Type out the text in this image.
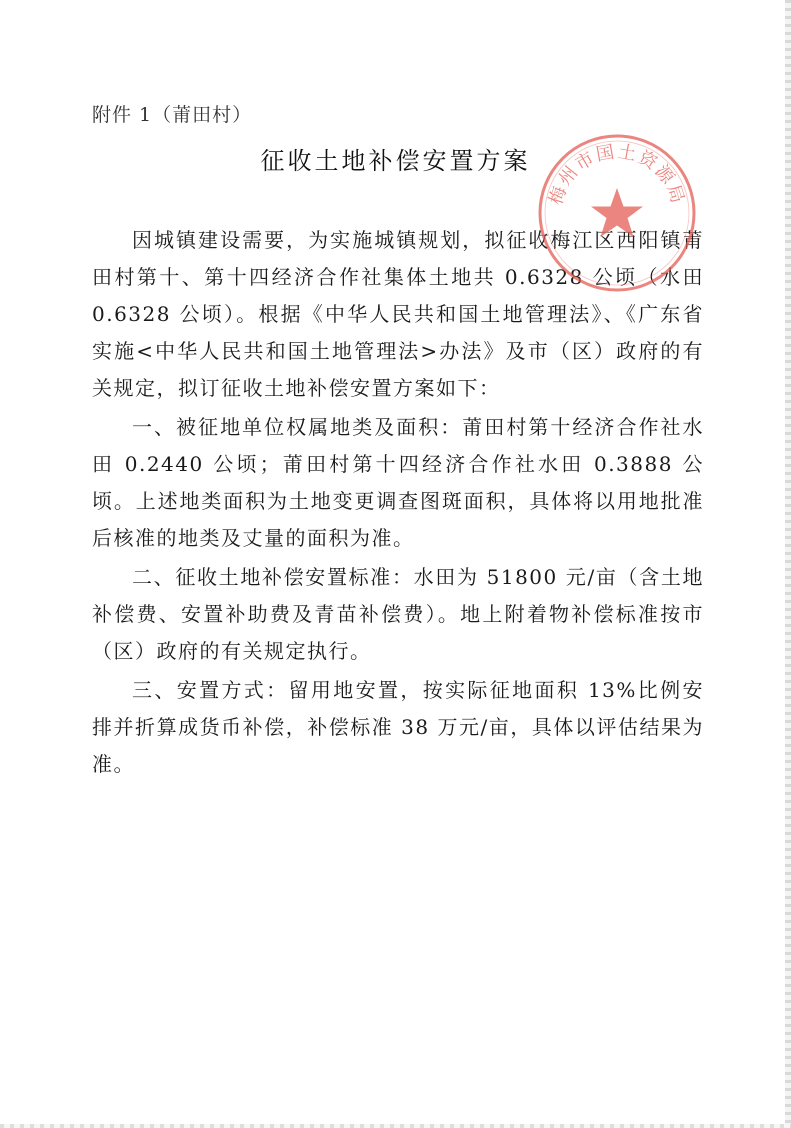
附件 1（莆田村）
征收土地补偿安置方案

因城镇建设需要，为实施城镇规划，拟征收梅江区西阳镇莆田村第十、第十四经济合作社集体土地共 0.6328 公顷（水田 0.6328 公顷）。根据《中华人民共和国土地管理法》、《广东省实施<中华人民共和国土地管理法>办法》及市（区）政府的有关规定，拟订征收土地补偿安置方案如下：

一、被征地单位权属地类及面积：莆田村第十经济合作社水田 0.2440 公顷；莆田村第十四经济合作社水田 0.3888 公顷。上述地类面积为土地变更调查图斑面积，具体将以用地批准后核准的地类及丈量的面积为准。

二、征收土地补偿安置标准：水田为 51800 元/亩（含土地补偿费、安置补助费及青苗补偿费）。地上附着物补偿标准按市（区）政府的有关规定执行。

三、安置方式：留用地安置，按实际征地面积 13%比例安排并折算成货币补偿，补偿标准 38 万元/亩，具体以评估结果为准。

梅州市国土资源局
